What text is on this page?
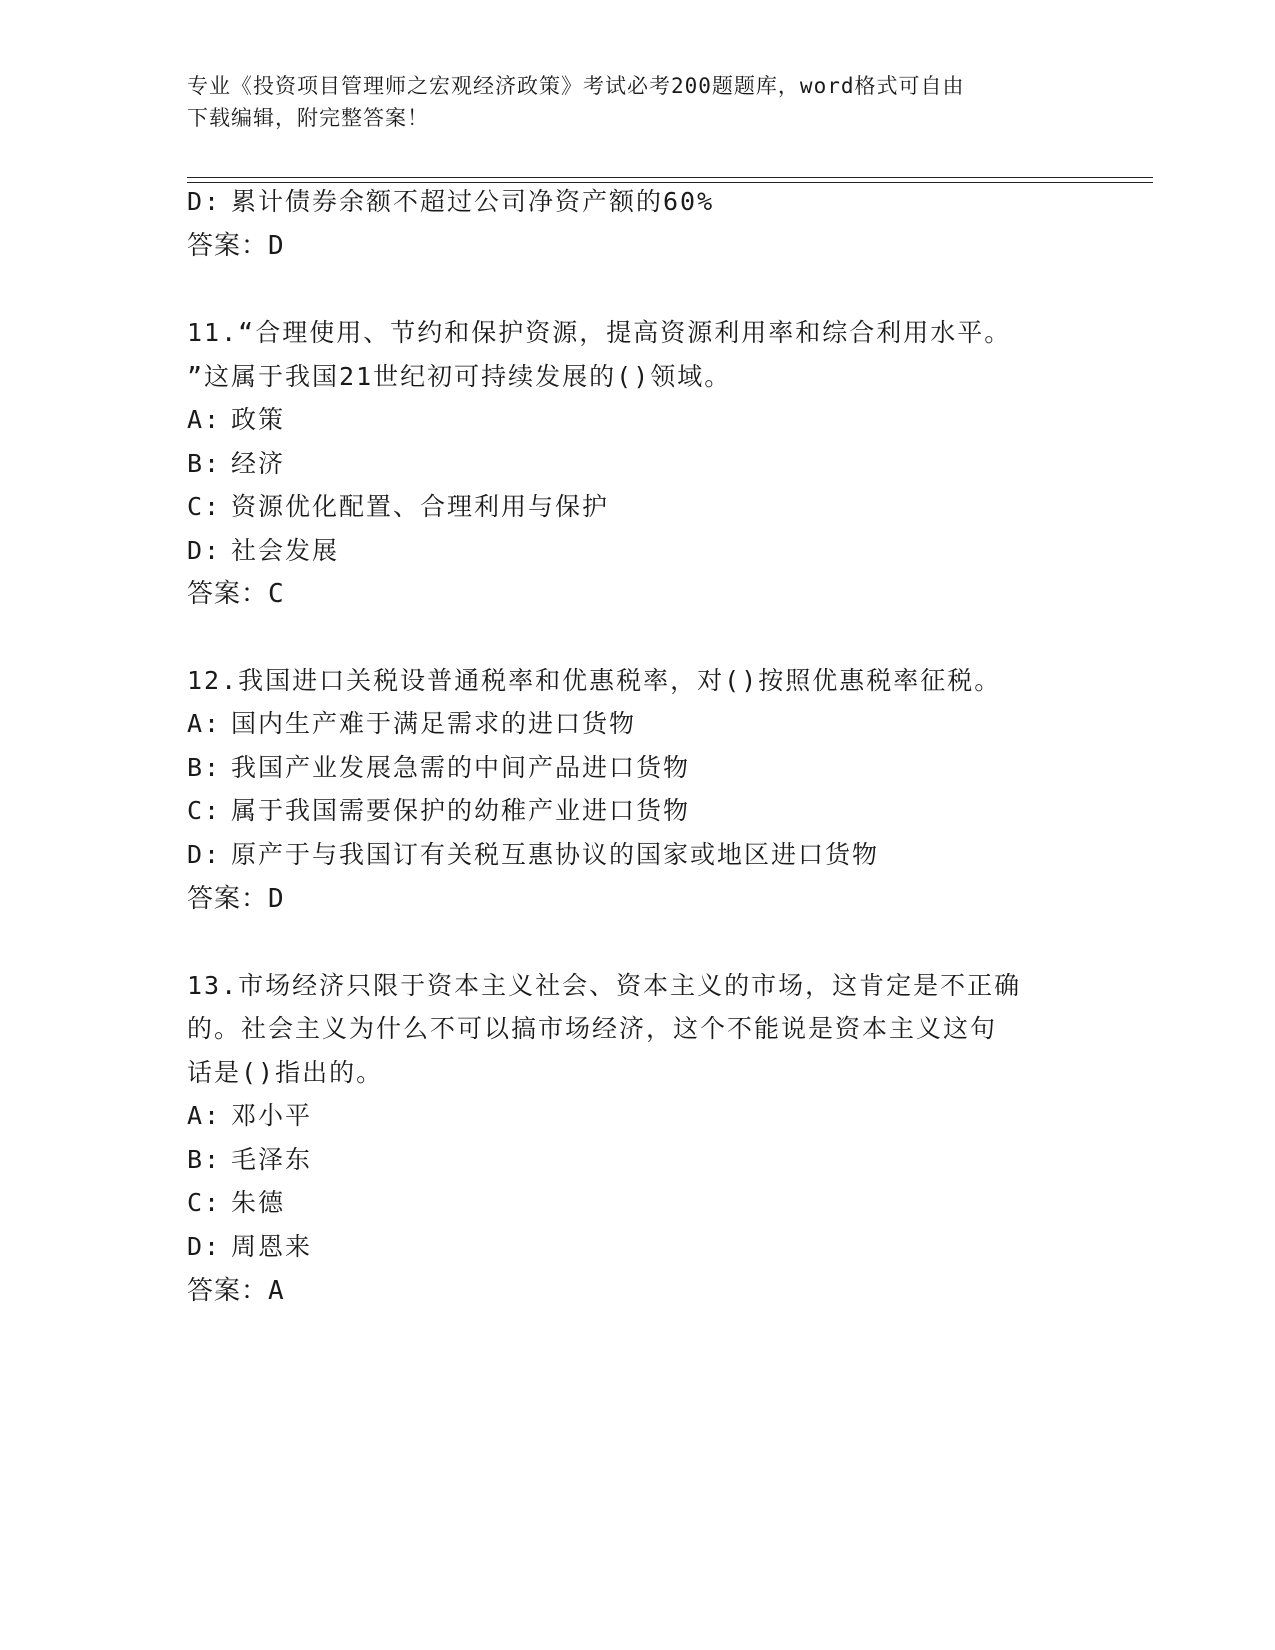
专业《投资项目管理师之宏观经济政策》考试必考200题题库，word格式可自由
下载编辑，附完整答案！
D: 累计债券余额不超过公司净资产额的60%
答案：D
11.“合理使用、节约和保护资源，提高资源利用率和综合利用水平。
”这属于我国21世纪初可持续发展的()领域。
A: 政策
B: 经济
C: 资源优化配置、合理利用与保护
D: 社会发展
答案：C
12.我国进口关税设普通税率和优惠税率，对()按照优惠税率征税。
A: 国内生产难于满足需求的进口货物
B: 我国产业发展急需的中间产品进口货物
C: 属于我国需要保护的幼稚产业进口货物
D: 原产于与我国订有关税互惠协议的国家或地区进口货物
答案：D
13.市场经济只限于资本主义社会、资本主义的市场，这肯定是不正确
的。社会主义为什么不可以搞市场经济，这个不能说是资本主义这句
话是()指出的。
A: 邓小平
B: 毛泽东
C: 朱德
D: 周恩来
答案：A
